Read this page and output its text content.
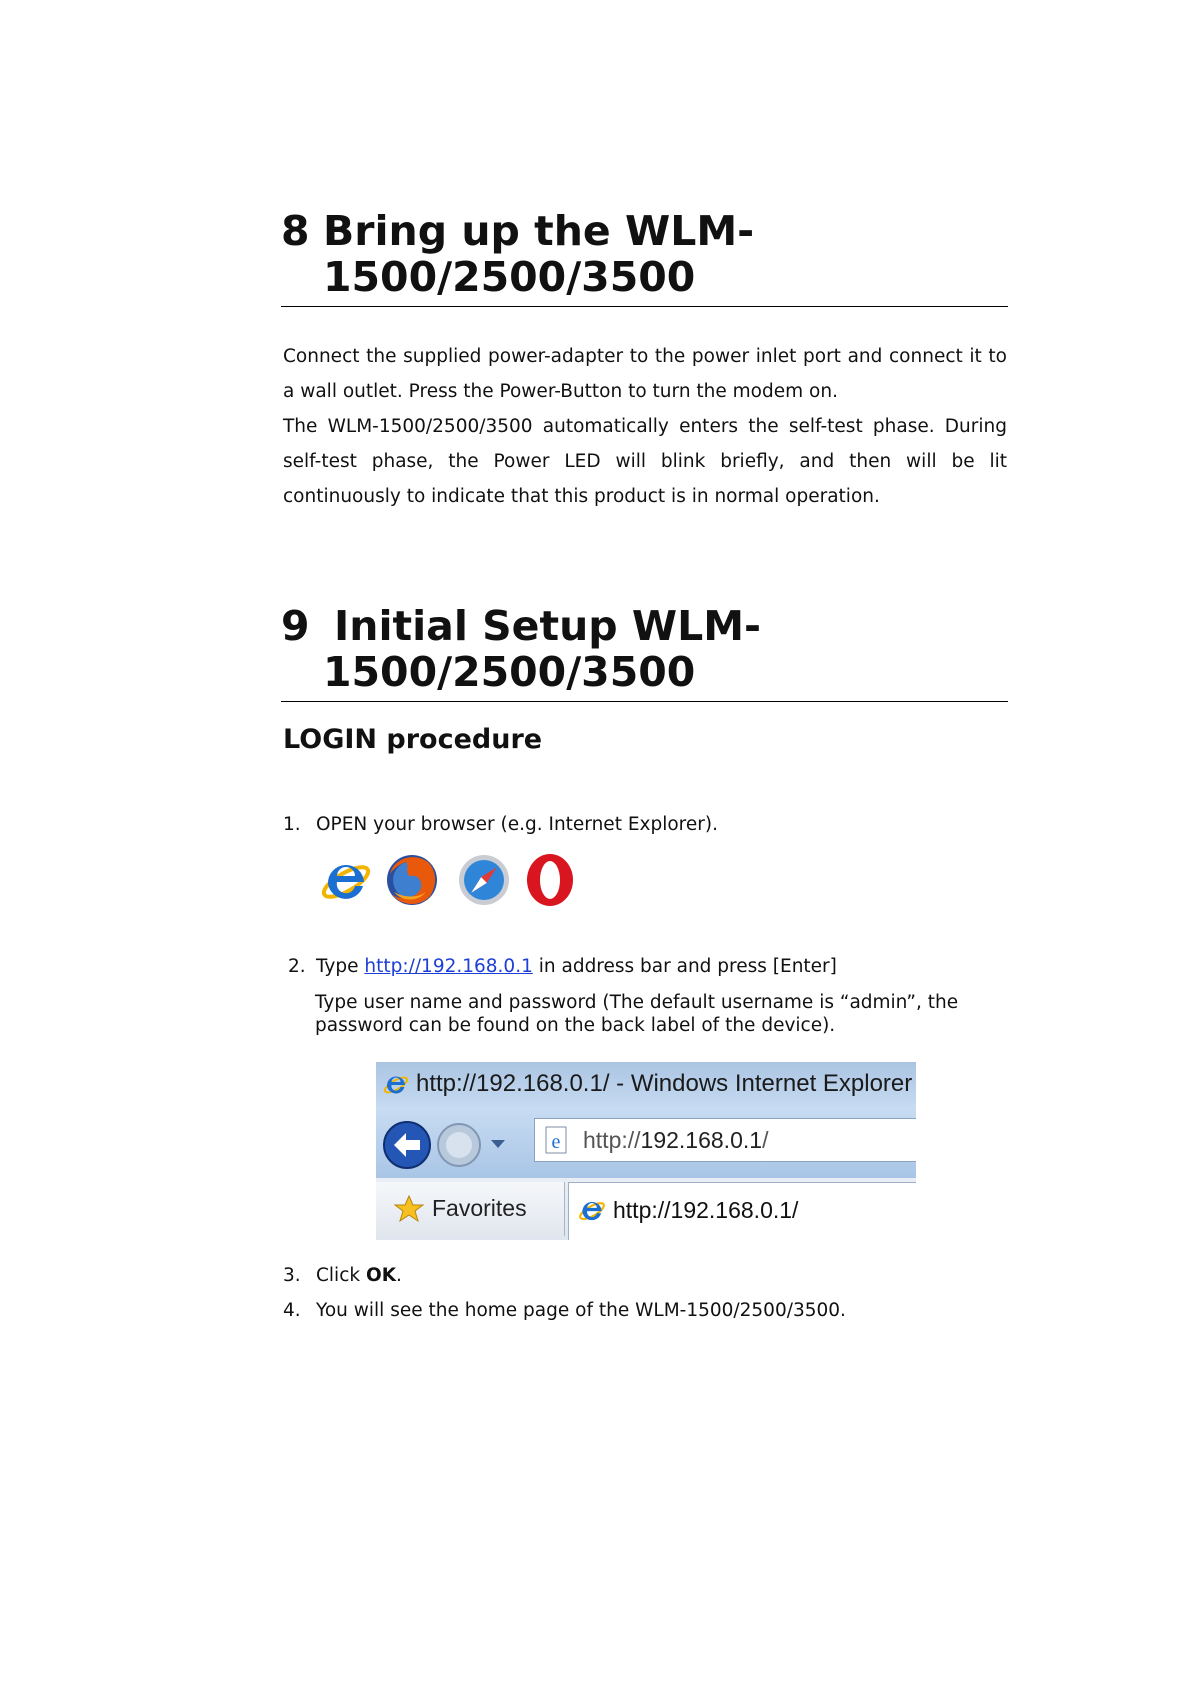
8 Bring up the WLM-
1500/2500/3500

Connect the supplied power-adapter to the power inlet port and connect it to a wall outlet. Press the Power-Button to turn the modem on.

The WLM-1500/2500/3500 automatically enters the self-test phase. During self-test phase, the Power LED will blink briefly, and then will be lit continuously to indicate that this product is in normal operation.

9 Initial Setup WLM-
1500/2500/3500
LOGIN procedure
1. OPEN your browser (e.g. Internet Explorer).
2. Type http://192.168.0.1 in address bar and press [Enter]
Type user name and password (The default username is “admin”, the password can be found on the back label of the device).
http://192.168.0.1/ - Windows Internet Explorer
e http://192.168.0.1/
Favorites	http://192.168.0.1/
3. Click OK.
4. You will see the home page of the WLM-1500/2500/3500.
